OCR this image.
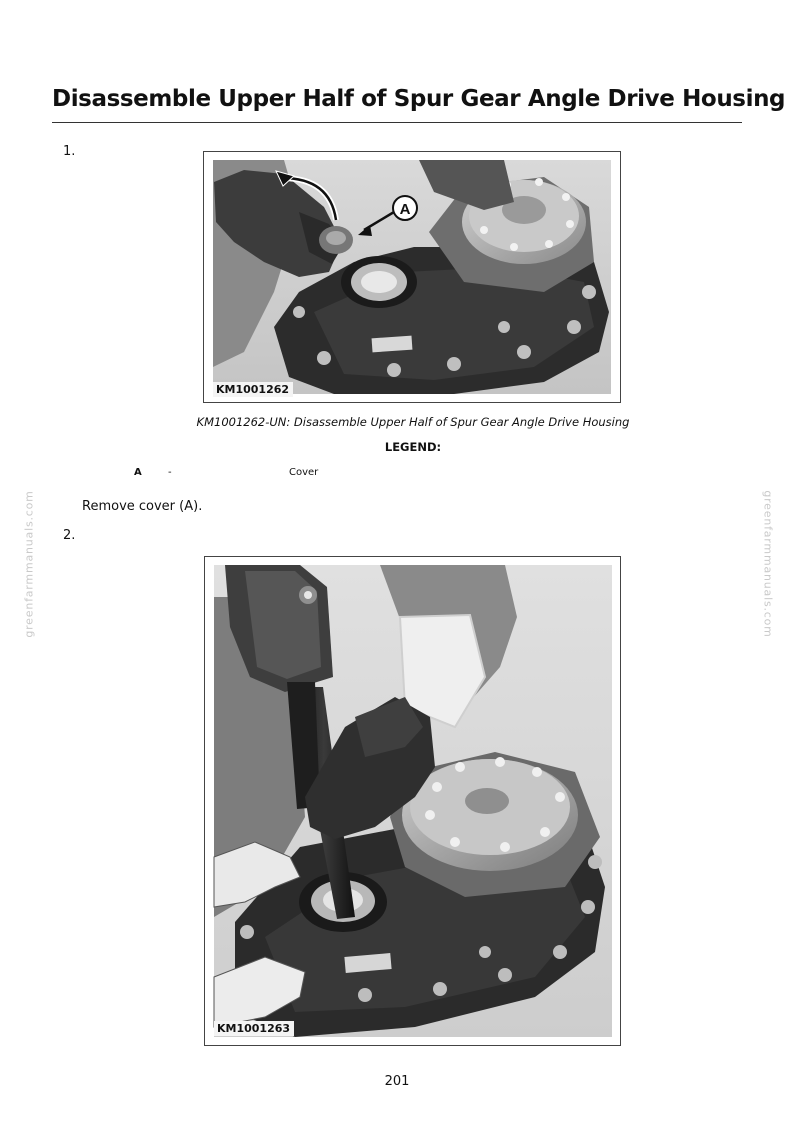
greenfarmmanuals.com	greenfarmmanuals.com
Disassemble Upper Half of Spur Gear Angle Drive Housing
1.
A
KM1001262
KM1001262-UN: Disassemble Upper Half of Spur Gear Angle Drive Housing
LEGEND:
A	-	Cover
Remove cover (A).
2.
KM1001263
201
